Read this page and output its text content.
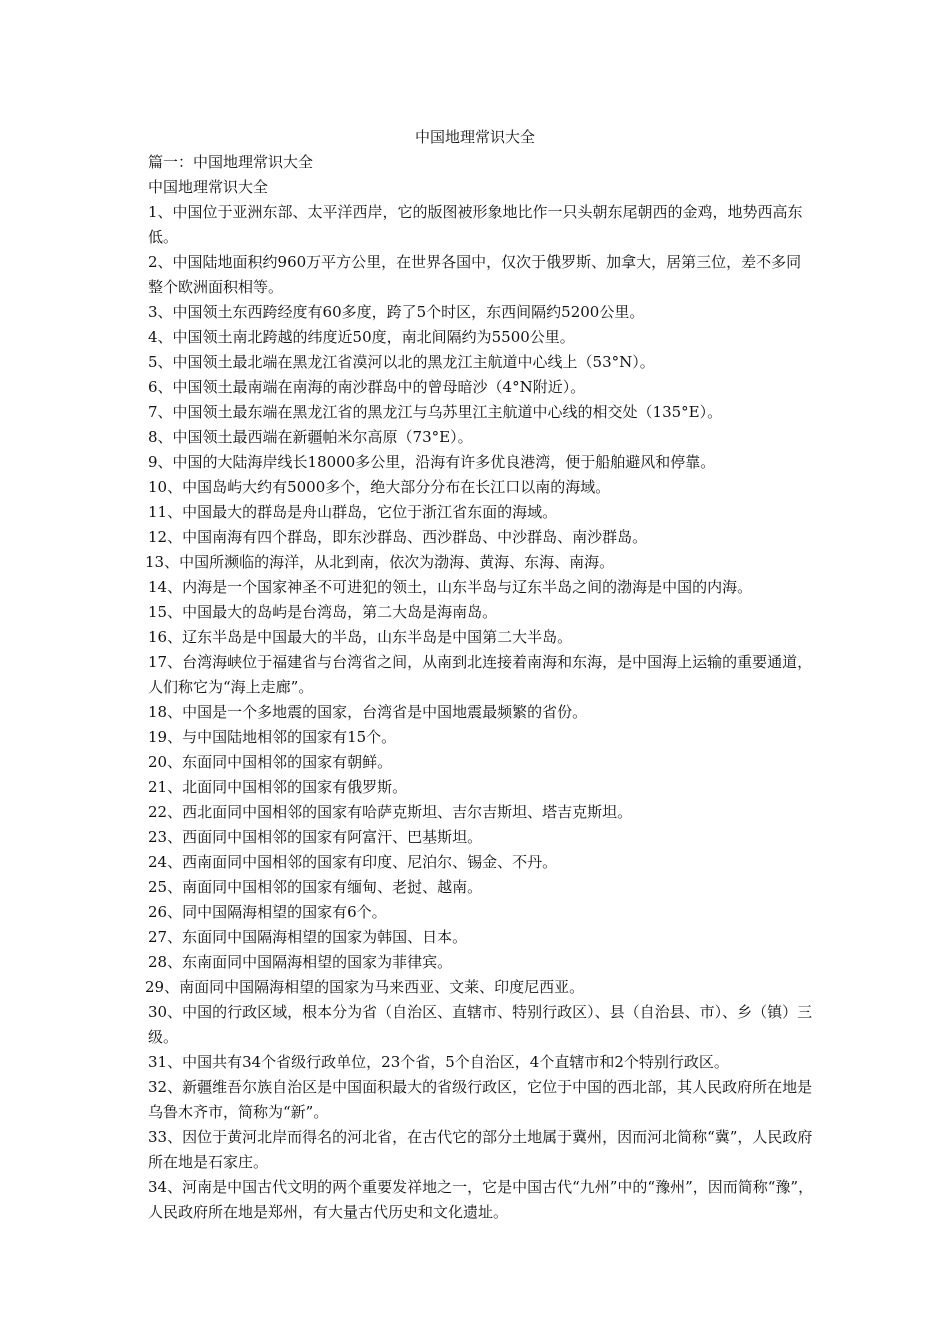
中国地理常识大全

篇一：中国地理常识大全

中国地理常识大全

1、中国位于亚洲东部、太平洋西岸，它的版图被形象地比作一只头朝东尾朝西的金鸡，地势西高东低。

2、中国陆地面积约960万平方公里，在世界各国中，仅次于俄罗斯、加拿大，居第三位，差不多同整个欧洲面积相等。

3、中国领土东西跨经度有60多度，跨了5个时区，东西间隔约5200公里。

4、中国领土南北跨越的纬度近50度，南北间隔约为5500公里。

5、中国领土最北端在黑龙江省漠河以北的黑龙江主航道中心线上（53°N）。

6、中国领土最南端在南海的南沙群岛中的曾母暗沙（4°N附近）。

7、中国领土最东端在黑龙江省的黑龙江与乌苏里江主航道中心线的相交处（135°E）。

8、中国领土最西端在新疆帕米尔高原（73°E）。

9、中国的大陆海岸线长18000多公里，沿海有许多优良港湾，便于船舶避风和停靠。

10、中国岛屿大约有5000多个，绝大部分分布在长江口以南的海域。

11、中国最大的群岛是舟山群岛，它位于浙江省东面的海域。

12、中国南海有四个群岛，即东沙群岛、西沙群岛、中沙群岛、南沙群岛。

13、中国所濒临的海洋，从北到南，依次为渤海、黄海、东海、南海。

14、内海是一个国家神圣不可进犯的领土，山东半岛与辽东半岛之间的渤海是中国的内海。

15、中国最大的岛屿是台湾岛，第二大岛是海南岛。

16、辽东半岛是中国最大的半岛，山东半岛是中国第二大半岛。

17、台湾海峡位于福建省与台湾省之间，从南到北连接着南海和东海，是中国海上运输的重要通道，人们称它为“海上走廊”。

18、中国是一个多地震的国家，台湾省是中国地震最频繁的省份。

19、与中国陆地相邻的国家有15个。

20、东面同中国相邻的国家有朝鲜。

21、北面同中国相邻的国家有俄罗斯。

22、西北面同中国相邻的国家有哈萨克斯坦、吉尔吉斯坦、塔吉克斯坦。

23、西面同中国相邻的国家有阿富汗、巴基斯坦。

24、西南面同中国相邻的国家有印度、尼泊尔、锡金、不丹。

25、南面同中国相邻的国家有缅甸、老挝、越南。

26、同中国隔海相望的国家有6个。

27、东面同中国隔海相望的国家为韩国、日本。

28、东南面同中国隔海相望的国家为菲律宾。

29、南面同中国隔海相望的国家为马来西亚、文莱、印度尼西亚。

30、中国的行政区域，根本分为省（自治区、直辖市、特别行政区）、县（自治县、市）、乡（镇）三级。

31、中国共有34个省级行政单位，23个省，5个自治区，4个直辖市和2个特别行政区。

32、新疆维吾尔族自治区是中国面积最大的省级行政区，它位于中国的西北部，其人民政府所在地是乌鲁木齐市，简称为“新”。

33、因位于黄河北岸而得名的河北省，在古代它的部分土地属于冀州，因而河北简称“冀”，人民政府所在地是石家庄。

34、河南是中国古代文明的两个重要发祥地之一，它是中国古代“九州”中的“豫州”，因而简称“豫”，人民政府所在地是郑州，有大量古代历史和文化遗址。
